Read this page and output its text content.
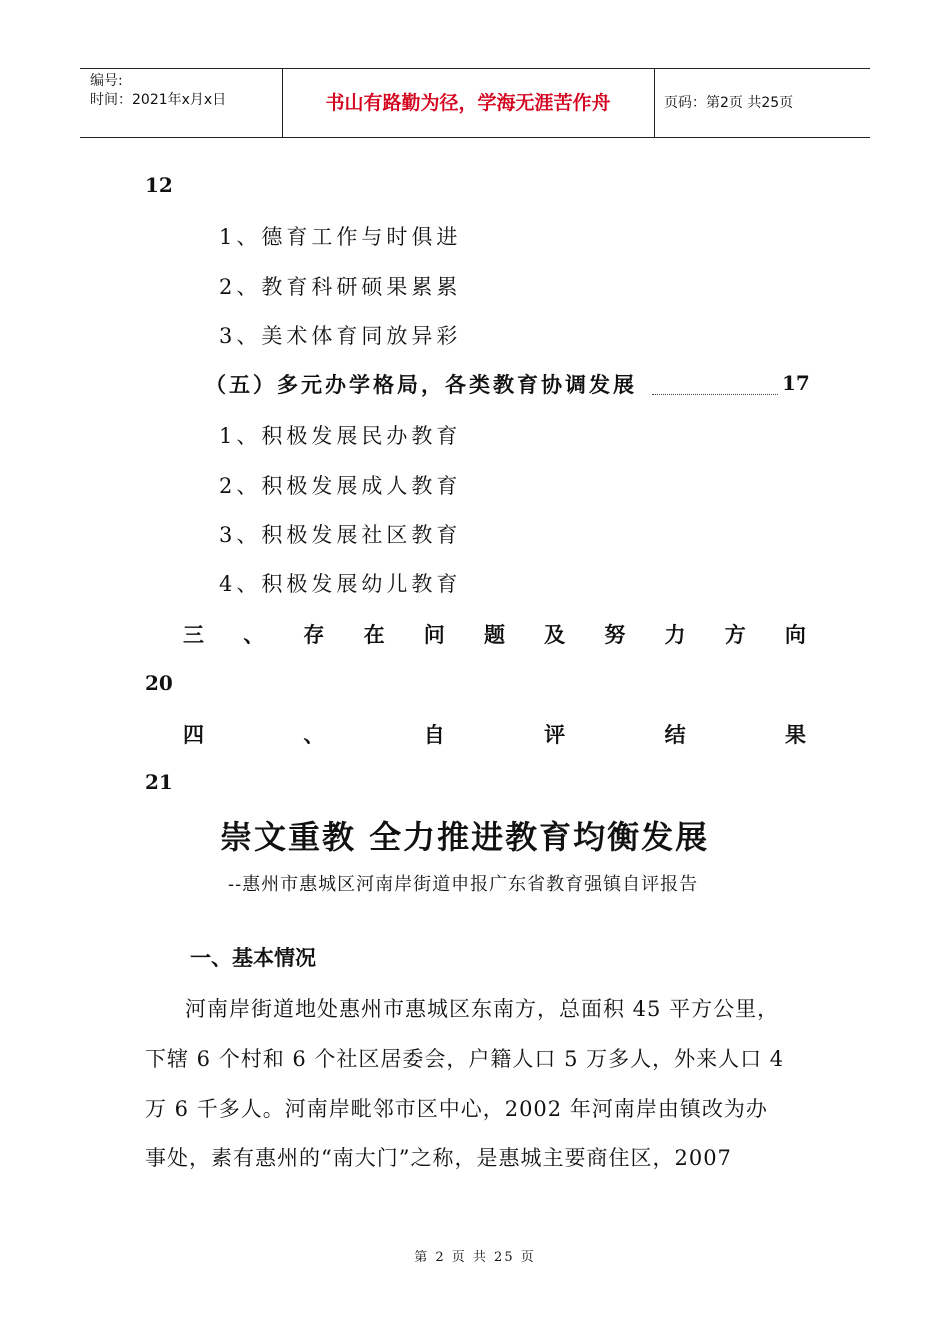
编号:
时间：2021年x月x日	书山有路勤为径，学海无涯苦作舟	页码：第2页 共25页
12
1、德育工作与时俱进
2、教育科研硕果累累
3、美术体育同放异彩
（五）多元办学格局，各类教育协调发展	17
1、积极发展民办教育
2、积极发展成人教育
3、积极发展社区教育
4、积极发展幼儿教育
三 、 存 在 问 题 及 努 力 方 向
20
四	、	自	评	结	果
21
崇文重教 全力推进教育均衡发展
--惠州市惠城区河南岸街道申报广东省教育强镇自评报告
一、基本情况
河南岸街道地处惠州市惠城区东南方，总面积 45 平方公里，
下辖 6 个村和 6 个社区居委会，户籍人口 5 万多人，外来人口 4
万 6 千多人。河南岸毗邻市区中心，2002 年河南岸由镇改为办
事处，素有惠州的“南大门”之称，是惠城主要商住区，2007
第 2 页 共 25 页
